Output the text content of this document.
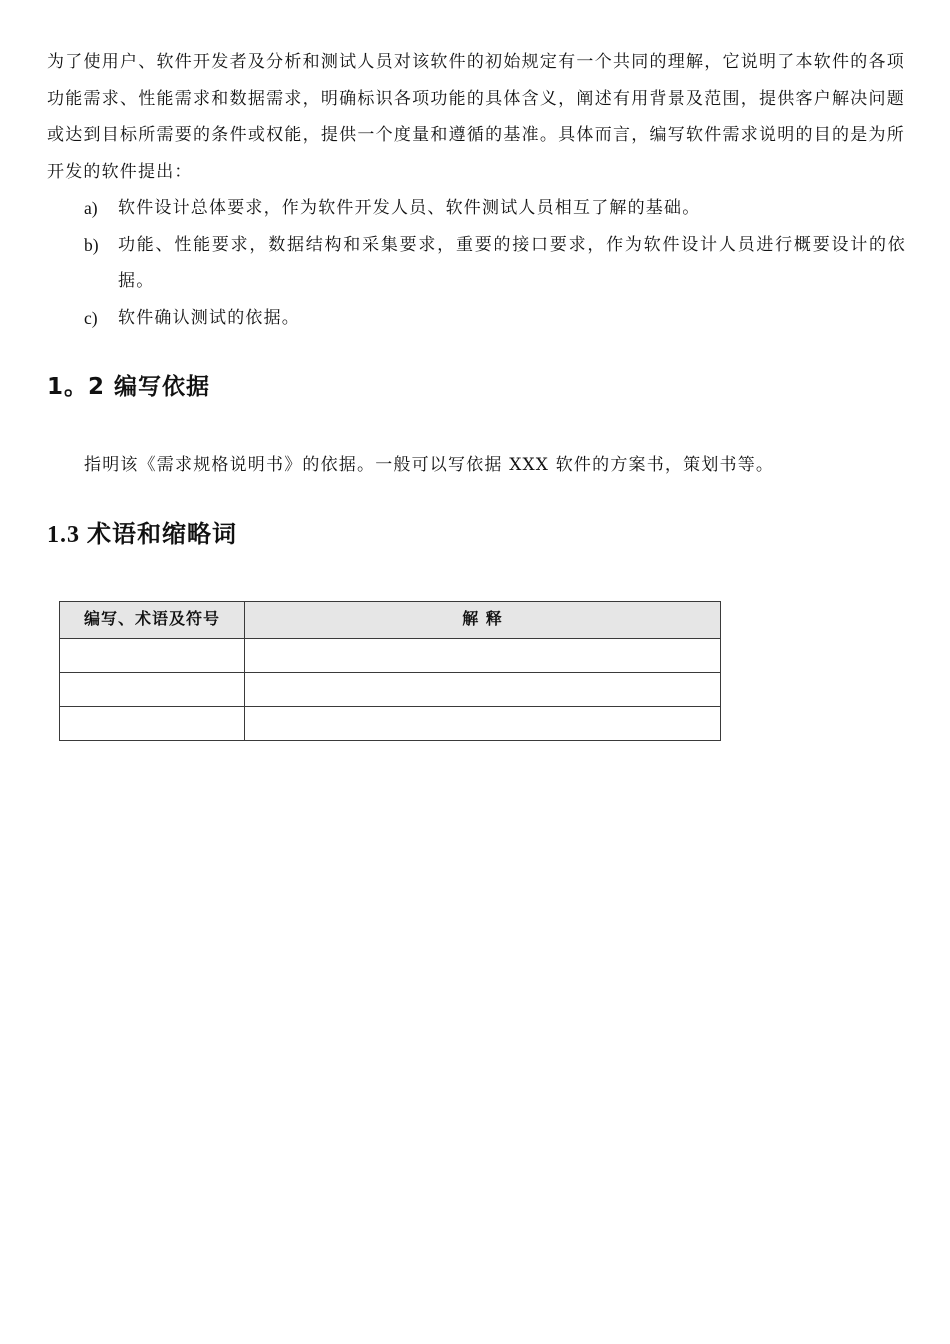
为了使用户、软件开发者及分析和测试人员对该软件的初始规定有一个共同的理解，它说明了本软件的各项功能需求、性能需求和数据需求，明确标识各项功能的具体含义，阐述有用背景及范围，提供客户解决问题或达到目标所需要的条件或权能，提供一个度量和遵循的基准。具体而言，编写软件需求说明的目的是为所开发的软件提出：

a)	软件设计总体要求，作为软件开发人员、软件测试人员相互了解的基础。
b)	功能、性能要求，数据结构和采集要求，重要的接口要求，作为软件设计人员进行概要设计的依据。
c)	软件确认测试的依据。
1。2 编写依据

指明该《需求规格说明书》的依据。一般可以写依据 XXX 软件的方案书，策划书等。

1.3 术语和缩略词
编写、术语及符号	解 释
